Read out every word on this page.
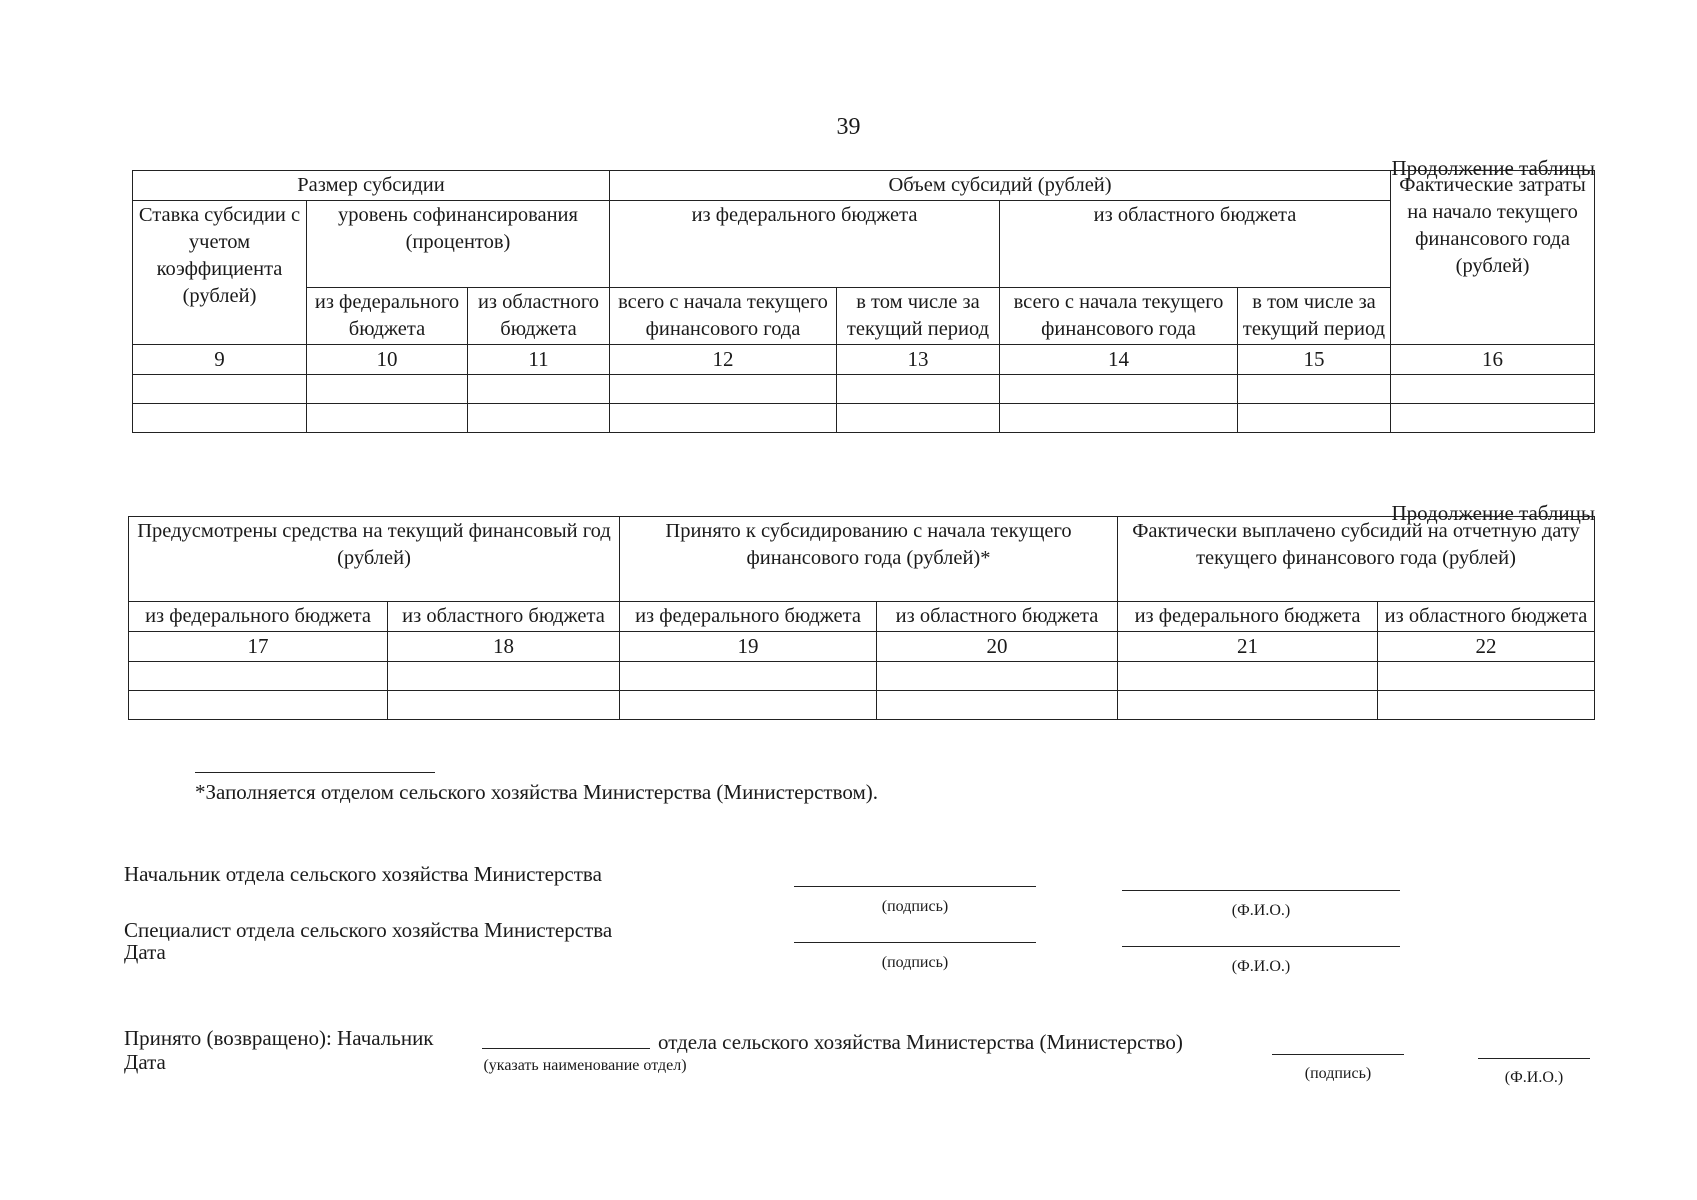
39
Продолжение таблицы
Размер субсидии			Объем субсидий (рублей)				Фактические затраты на начало текущего финансового года (рублей)
Ставка субсидии с учетом коэффициента (рублей)	уровень софинансирования (процентов)		из федерального бюджета		из областного бюджета		
	из федерального бюджета	из областного бюджета	всего с начала текущего финансового года	в том числе за текущий период	всего с начала текущего финансового года	в том числе за текущий период	
9	10	11	12	13	14	15	16

Продолжение таблицы
Предусмотрены средства на текущий финансовый год (рублей)		Принято к субсидированию с начала текущего финансового года (рублей)*		Фактически выплачено субсидий на отчетную дату текущего финансового года (рублей)	
из федерального бюджета	из областного бюджета	из федерального бюджета	из областного бюджета	из федерального бюджета	из областного бюджета
17	18	19	20	21	22

*Заполняется отделом сельского хозяйства Министерства (Министерством).
Начальник отдела сельского хозяйства Министерства
(подпись)	(Ф.И.О.)
Специалист отдела сельского хозяйства Министерства
Дата	(подпись)	(Ф.И.О.)
Принято (возвращено): Начальник	отдела сельского хозяйства Министерства (Министерство)
Дата	(указать наименование отдел)	(подпись)	(Ф.И.О.)
